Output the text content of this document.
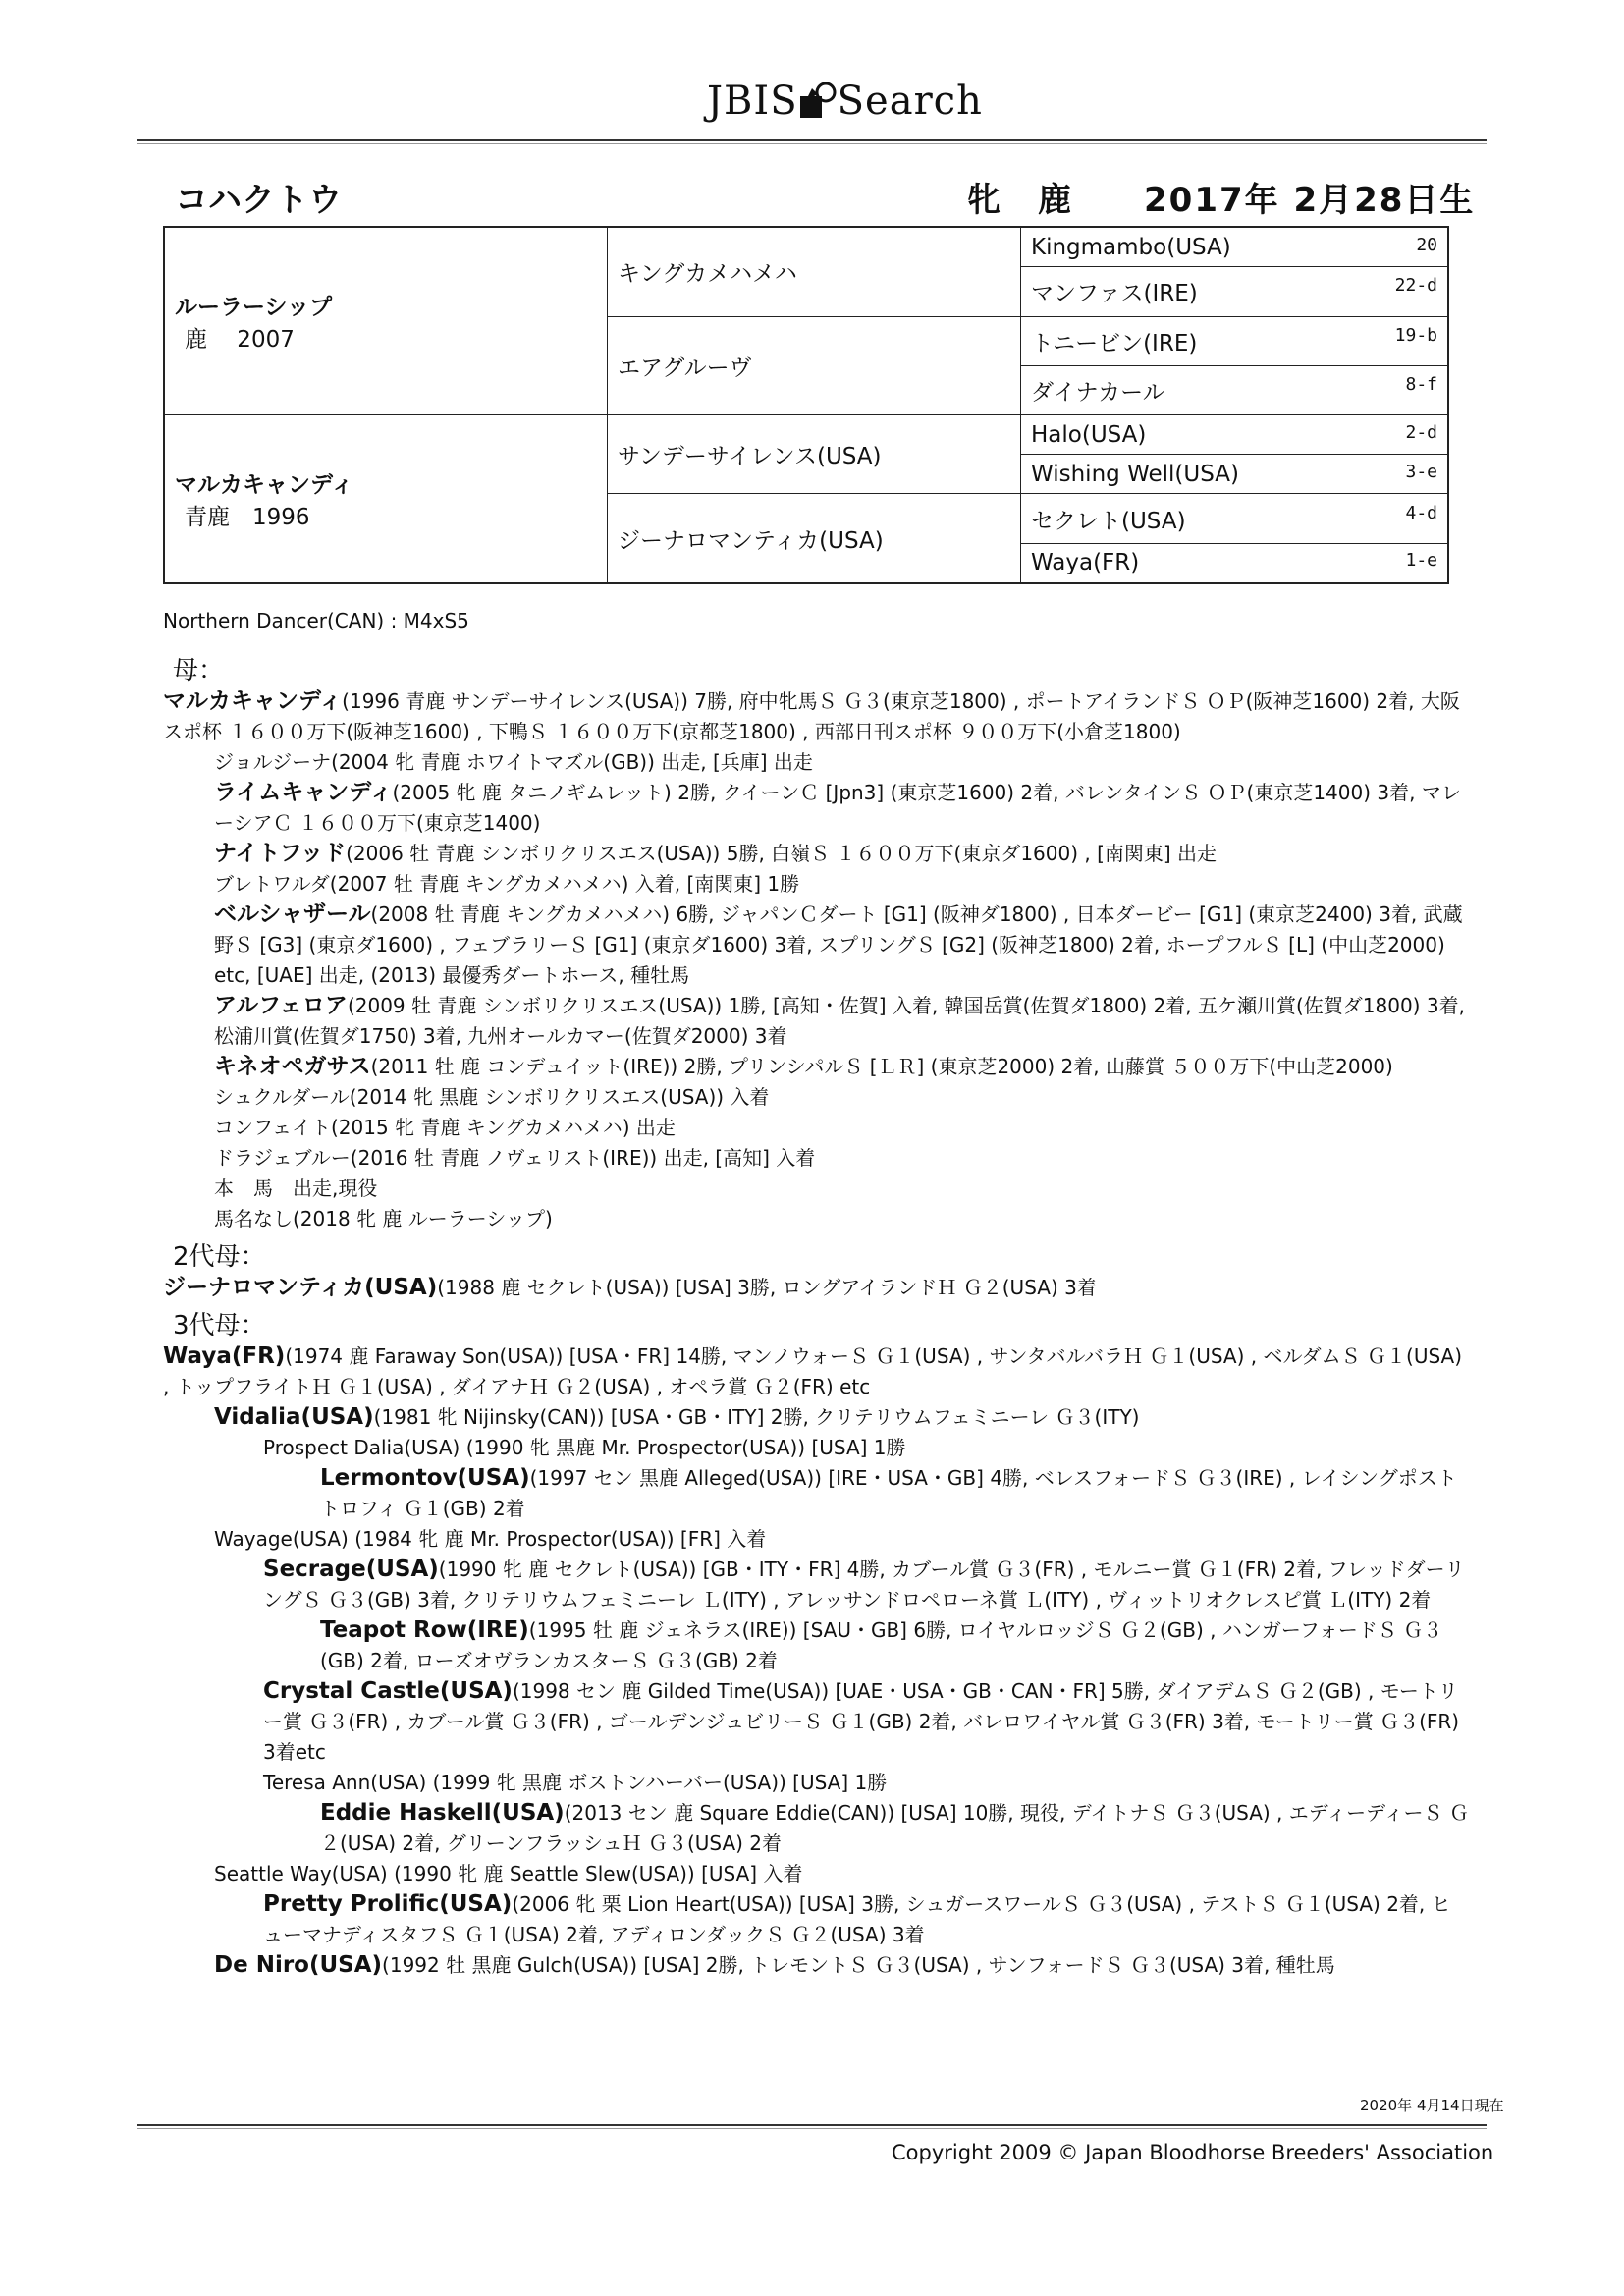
JBIS Search
コハクトウ	牝　鹿　　2017年 2月28日生
ルーラーシップ
鹿　 2007	キングカメハメハ	Kingmambo(USA) 20

		マンファス(IRE) 22-d

	エアグルーヴ	トニービン(IRE) 19-b

		ダイナカール 8-f

マルカキャンディ
青鹿　1996	サンデーサイレンス(USA)	Halo(USA) 2-d

		Wishing Well(USA) 3-e

	ジーナロマンティカ(USA)	セクレト(USA) 4-d

		Waya(FR) 1-e
Northern Dancer(CAN) : M4xS5
母：
マルカキャンディ(1996 青鹿 サンデーサイレンス(USA)) 7勝, 府中牝馬Ｓ Ｇ３(東京芝1800) , ポートアイランドＳ ＯＰ(阪神芝1600) 2着, 大阪スポ杯 １６００万下(阪神芝1600) , 下鴨Ｓ １６００万下(京都芝1800) , 西部日刊スポ杯 ９００万下(小倉芝1800)
ジョルジーナ(2004 牝 青鹿 ホワイトマズル(GB)) 出走, [兵庫] 出走
ライムキャンディ(2005 牝 鹿 タニノギムレット) 2勝, クイーンＣ [Jpn3] (東京芝1600) 2着, バレンタインＳ ＯＰ(東京芝1400) 3着, マレーシアＣ １６００万下(東京芝1400)
ナイトフッド(2006 牡 青鹿 シンボリクリスエス(USA)) 5勝, 白嶺Ｓ １６００万下(東京ダ1600) , [南関東] 出走
ブレトワルダ(2007 牡 青鹿 キングカメハメハ) 入着, [南関東] 1勝
ベルシャザール(2008 牡 青鹿 キングカメハメハ) 6勝, ジャパンＣダート [G1] (阪神ダ1800) , 日本ダービー [G1] (東京芝2400) 3着, 武蔵野Ｓ [G3] (東京ダ1600) , フェブラリーＳ [G1] (東京ダ1600) 3着, スプリングＳ [G2] (阪神芝1800) 2着, ホープフルＳ [L] (中山芝2000) etc, [UAE] 出走, (2013) 最優秀ダートホース, 種牡馬
アルフェロア(2009 牡 青鹿 シンボリクリスエス(USA)) 1勝, [高知・佐賀] 入着, 韓国岳賞(佐賀ダ1800) 2着, 五ケ瀬川賞(佐賀ダ1800) 3着, 松浦川賞(佐賀ダ1750) 3着, 九州オールカマー(佐賀ダ2000) 3着
キネオペガサス(2011 牡 鹿 コンデュイット(IRE)) 2勝, プリンシパルＳ [ＬＲ] (東京芝2000) 2着, 山藤賞 ５００万下(中山芝2000)
シュクルダール(2014 牝 黒鹿 シンボリクリスエス(USA)) 入着
コンフェイト(2015 牝 青鹿 キングカメハメハ) 出走
ドラジェブルー(2016 牡 青鹿 ノヴェリスト(IRE)) 出走, [高知] 入着
本　馬　出走,現役
馬名なし(2018 牝 鹿 ルーラーシップ)
2代母：
ジーナロマンティカ(USA)(1988 鹿 セクレト(USA)) [USA] 3勝, ロングアイランドＨ Ｇ２(USA) 3着
3代母：
Waya(FR)(1974 鹿 Faraway Son(USA)) [USA・FR] 14勝, マンノウォーＳ Ｇ１(USA) , サンタバルバラＨ Ｇ１(USA) , ベルダムＳ Ｇ１(USA) , トップフライトＨ Ｇ１(USA) , ダイアナＨ Ｇ２(USA) , オペラ賞 Ｇ２(FR) etc
Vidalia(USA)(1981 牝 Nijinsky(CAN)) [USA・GB・ITY] 2勝, クリテリウムフェミニーレ Ｇ３(ITY)
Prospect Dalia(USA) (1990 牝 黒鹿 Mr. Prospector(USA)) [USA] 1勝
Lermontov(USA)(1997 セン 黒鹿 Alleged(USA)) [IRE・USA・GB] 4勝, ベレスフォードＳ Ｇ３(IRE) , レイシングポストトロフィ Ｇ１(GB) 2着
Wayage(USA) (1984 牝 鹿 Mr. Prospector(USA)) [FR] 入着
Secrage(USA)(1990 牝 鹿 セクレト(USA)) [GB・ITY・FR] 4勝, カブール賞 Ｇ３(FR) , モルニー賞 Ｇ１(FR) 2着, フレッドダーリングＳ Ｇ３(GB) 3着, クリテリウムフェミニーレ Ｌ(ITY) , アレッサンドロペローネ賞 Ｌ(ITY) , ヴィットリオクレスピ賞 Ｌ(ITY) 2着
Teapot Row(IRE)(1995 牡 鹿 ジェネラス(IRE)) [SAU・GB] 6勝, ロイヤルロッジＳ Ｇ２(GB) , ハンガーフォードＳ Ｇ３(GB) 2着, ローズオヴランカスターＳ Ｇ３(GB) 2着
Crystal Castle(USA)(1998 セン 鹿 Gilded Time(USA)) [UAE・USA・GB・CAN・FR] 5勝, ダイアデムＳ Ｇ２(GB) , モートリー賞 Ｇ３(FR) , カブール賞 Ｇ３(FR) , ゴールデンジュビリーＳ Ｇ１(GB) 2着, バレロワイヤル賞 Ｇ３(FR) 3着, モートリー賞 Ｇ３(FR) 3着etc
Teresa Ann(USA) (1999 牝 黒鹿 ボストンハーバー(USA)) [USA] 1勝
Eddie Haskell(USA)(2013 セン 鹿 Square Eddie(CAN)) [USA] 10勝, 現役, デイトナＳ Ｇ３(USA) , エディーディーＳ Ｇ２(USA) 2着, グリーンフラッシュＨ Ｇ３(USA) 2着
Seattle Way(USA) (1990 牝 鹿 Seattle Slew(USA)) [USA] 入着
Pretty Prolific(USA)(2006 牝 栗 Lion Heart(USA)) [USA] 3勝, シュガースワールＳ Ｇ３(USA) , テストＳ Ｇ１(USA) 2着, ヒューマナディスタフＳ Ｇ１(USA) 2着, アディロンダックＳ Ｇ２(USA) 3着
De Niro(USA)(1992 牡 黒鹿 Gulch(USA)) [USA] 2勝, トレモントＳ Ｇ３(USA) , サンフォードＳ Ｇ３(USA) 3着, 種牡馬
2020年 4月14日現在
Copyright 2009 © Japan Bloodhorse Breeders' Association
